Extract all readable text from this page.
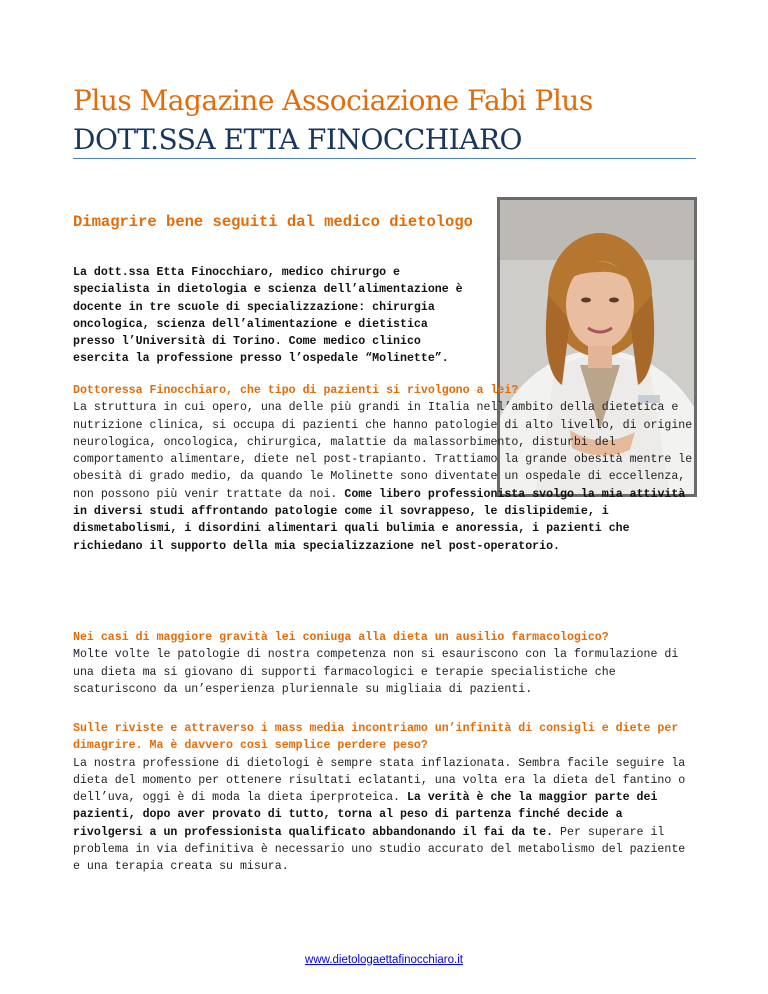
Plus Magazine Associazione Fabi Plus
DOTT.SSA ETTA FINOCCHIARO
Dimagrire bene seguiti dal medico dietologo
La dott.ssa Etta Finocchiaro, medico chirurgo e specialista in dietologia e scienza dell’alimentazione è docente in tre scuole di specializzazione: chirurgia oncologica, scienza dell’alimentazione e dietistica presso l’Università di Torino. Come medico clinico esercita la professione presso l’ospedale “Molinette”.
Dottoressa Finocchiaro, che tipo di pazienti si rivolgono a lei?
La struttura in cui opero, una delle più grandi in Italia nell’ambito della dietetica e nutrizione clinica, si occupa di pazienti che hanno patologie di alto livello, di origine neurologica, oncologica, chirurgica, malattie da malassorbimento, disturbi del comportamento alimentare, diete nel post-trapianto. Trattiamo la grande obesità mentre le obesità di grado medio, da quando le Molinette sono diventate un ospedale di eccellenza, non possono più venir trattate da noi. Come libero professionista svolgo la mia attività in diversi studi affrontando patologie come il sovrappeso, le dislipidemie, i dismetabolismi, i disordini alimentari quali bulimia e anoressia, i pazienti che richiedano il supporto della mia specializzazione nel post-operatorio.
Nei casi di maggiore gravità lei coniuga alla dieta un ausilio farmacologico?
Molte volte le patologie di nostra competenza non si esauriscono con la formulazione di una dieta ma si giovano di supporti farmacologici e terapie specialistiche che scaturiscono da un’esperienza pluriennale su migliaia di pazienti.
Sulle riviste e attraverso i mass media incontriamo un’infinità di consigli e diete per dimagrire. Ma è davvero così semplice perdere peso?
La nostra professione di dietologi è sempre stata inflazionata. Sembra facile seguire la dieta del momento per ottenere risultati eclatanti, una volta era la dieta del fantino o dell’uva, oggi è di moda la dieta iperproteica. La verità è che la maggior parte dei pazienti, dopo aver provato di tutto, torna al peso di partenza finché decide a rivolgersi a un professionista qualificato abbandonando il fai da te. Per superare il problema in via definitiva è necessario uno studio accurato del metabolismo del paziente e una terapia creata su misura.
www.dietologaettafinocchiaro.it
